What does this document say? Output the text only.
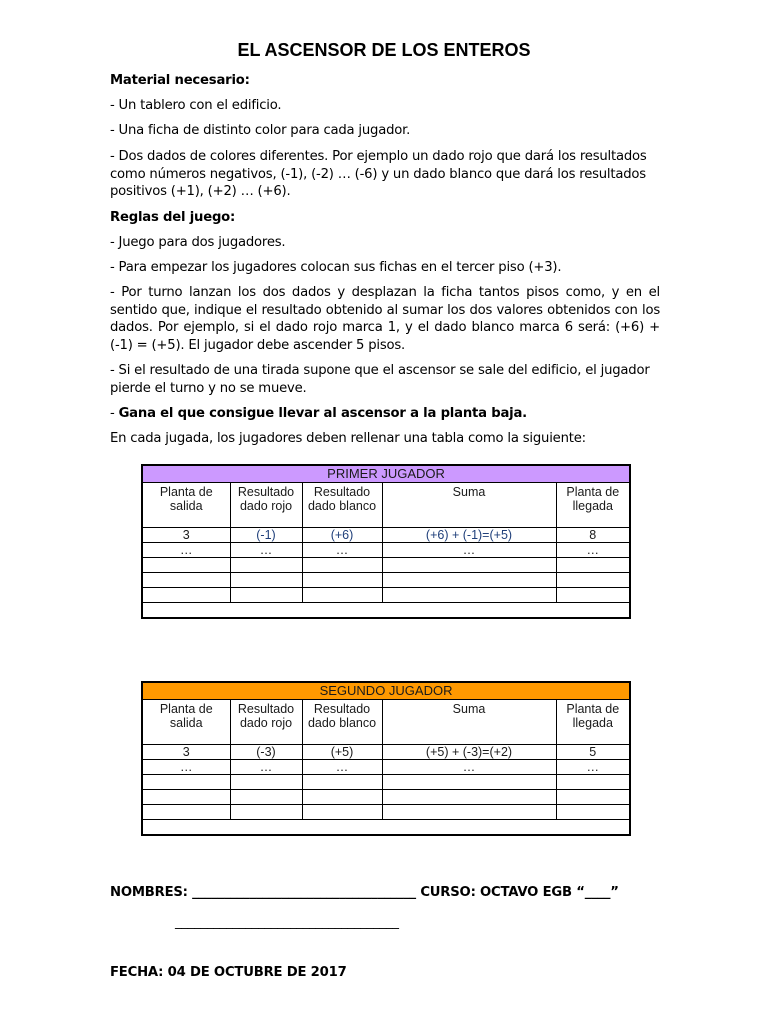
EL ASCENSOR DE LOS ENTEROS
Material necesario:
- Un tablero con el edificio.
- Una ficha de distinto color para cada jugador.
- Dos dados de colores diferentes. Por ejemplo un dado rojo que dará los resultados como números negativos, (-1), (-2) … (-6) y un dado blanco que dará los resultados positivos (+1), (+2) … (+6).
Reglas del juego:
- Juego para dos jugadores.
- Para empezar los jugadores colocan sus fichas en el tercer piso (+3).
- Por turno lanzan los dos dados y desplazan la ficha tantos pisos como, y en el sentido que, indique el resultado obtenido al sumar los dos valores obtenidos con los dados. Por ejemplo, si el dado rojo marca 1, y el dado blanco marca 6 será: (+6) + (-1) = (+5). El jugador debe ascender 5 pisos.
- Si el resultado de una tirada supone que el ascensor se sale del edificio, el jugador pierde el turno y no se mueve.
- Gana el que consigue llevar al ascensor a la planta baja.
En cada jugada, los jugadores deben rellenar una tabla como la siguiente:
PRIMER JUGADOR				
Planta de salida	Resultado dado rojo	Resultado dado blanco	Suma	Planta de llegada
3	(-1)	(+6)	(+6) + (-1)=(+5)	8
…	…	…	…	…

SEGUNDO JUGADOR				
Planta de salida	Resultado dado rojo	Resultado dado blanco	Suma	Planta de llegada
3	(-3)	(+5)	(+5) + (-3)=(+2)	5
…	…	…	…	…

NOMBRES: ___________________________________ CURSO: OCTAVO EGB “____”
___________________________________
FECHA: 04 DE OCTUBRE DE 2017
